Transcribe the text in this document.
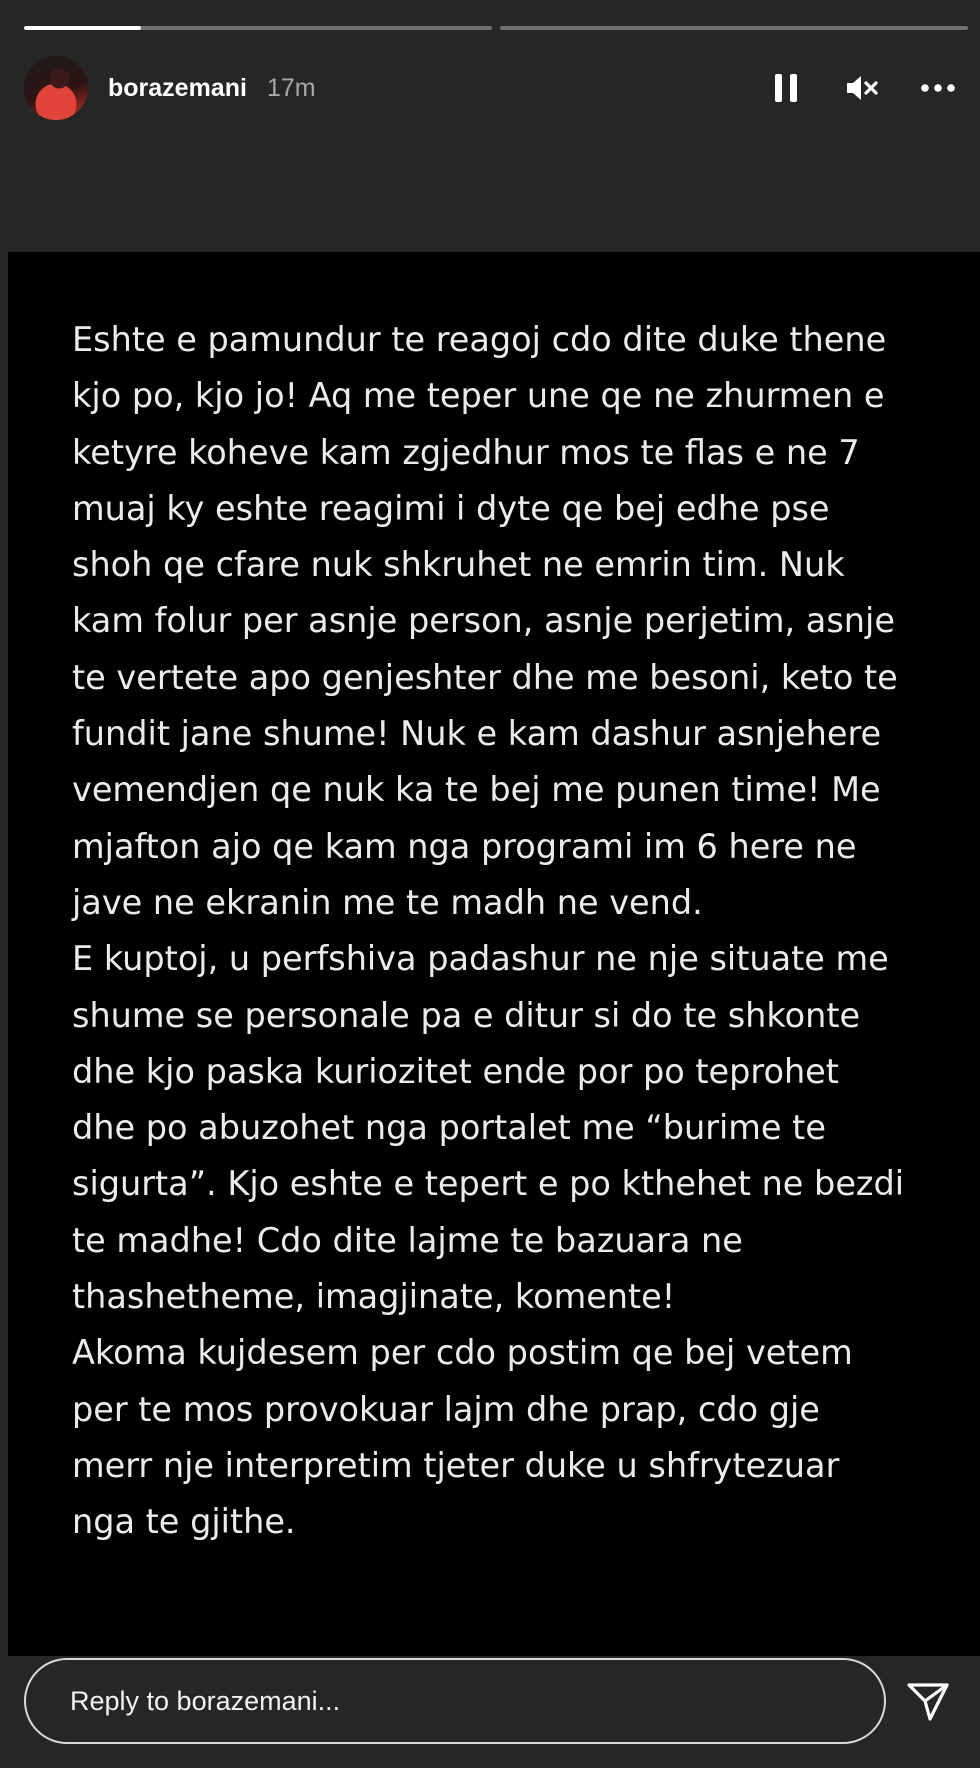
borazemani 17m

Eshte e pamundur te reagoj cdo dite duke thene
kjo po, kjo jo! Aq me teper une qe ne zhurmen e
ketyre koheve kam zgjedhur mos te flas e ne 7
muaj ky eshte reagimi i dyte qe bej edhe pse
shoh qe cfare nuk shkruhet ne emrin tim. Nuk
kam folur per asnje person, asnje perjetim, asnje
te vertete apo genjeshter dhe me besoni, keto te
fundit jane shume! Nuk e kam dashur asnjehere
vemendjen qe nuk ka te bej me punen time! Me
mjafton ajo qe kam nga programi im 6 here ne
jave ne ekranin me te madh ne vend.
E kuptoj, u perfshiva padashur ne nje situate me
shume se personale pa e ditur si do te shkonte
dhe kjo paska kuriozitet ende por po teprohet
dhe po abuzohet nga portalet me “burime te
sigurta”. Kjo eshte e tepert e po kthehet ne bezdi
te madhe! Cdo dite lajme te bazuara ne
thashetheme, imagjinate, komente!
Akoma kujdesem per cdo postim qe bej vetem
per te mos provokuar lajm dhe prap, cdo gje
merr nje interpretim tjeter duke u shfrytezuar
nga te gjithe.

Reply to borazemani...
